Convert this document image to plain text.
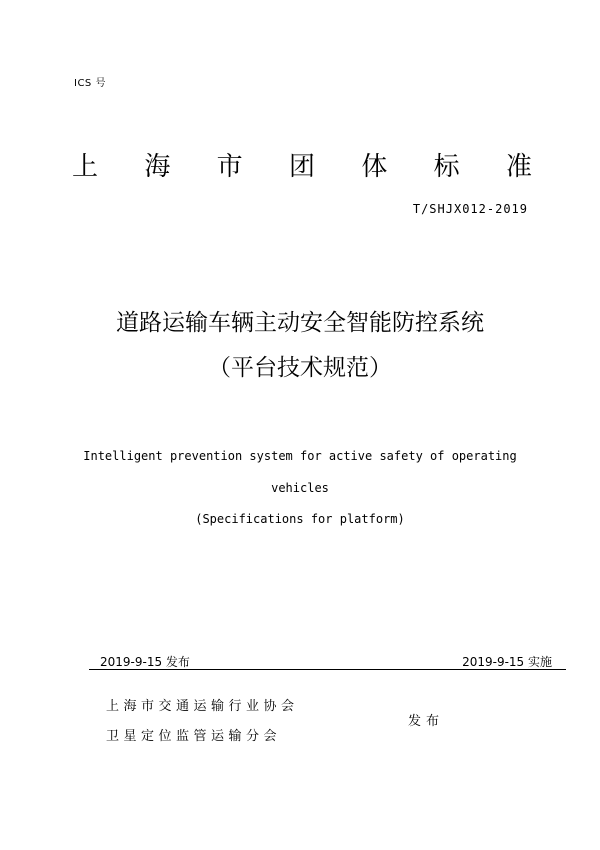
ICS 号
上 海 市 团 体 标 准
T/SHJX012-2019
道路运输车辆主动安全智能防控系统
（平台技术规范）
Intelligent prevention system for active safety of operating
vehicles
(Specifications for platform)
2019-9-15 发布	2019-9-15 实施
上海市交通运输行业协会
卫星定位监管运输分会
发布
